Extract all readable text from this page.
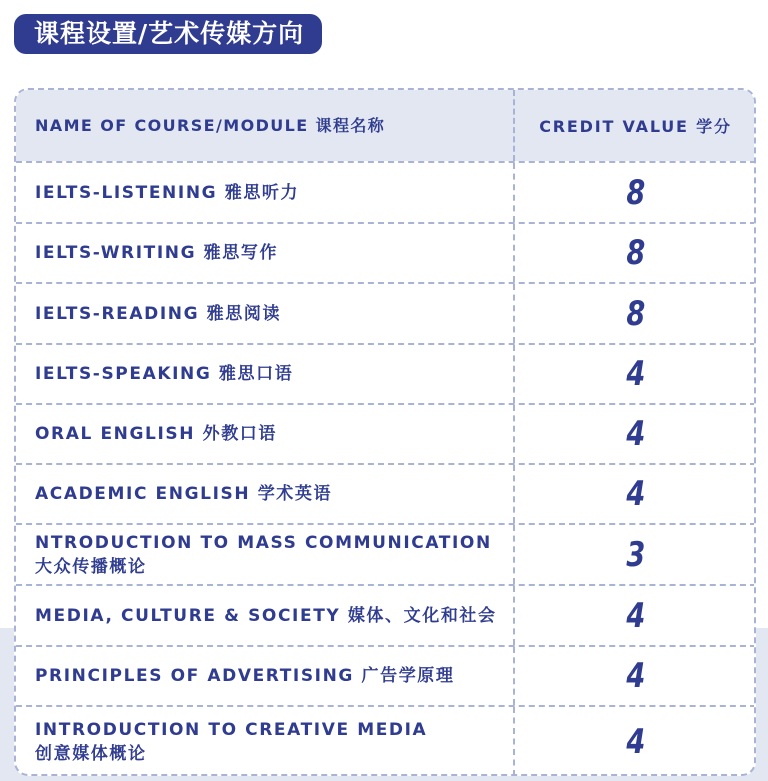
课程设置/艺术传媒方向
NAME OF COURSE/MODULE 课程名称	CREDIT VALUE 学分
IELTS-LISTENING 雅思听力	8
IELTS-WRITING 雅思写作	8
IELTS-READING 雅思阅读	8
IELTS-SPEAKING 雅思口语	4
ORAL ENGLISH 外教口语	4
ACADEMIC ENGLISH 学术英语	4
NTRODUCTION TO MASS COMMUNICATION
大众传播概论	3
MEDIA, CULTURE & SOCIETY 媒体、文化和社会	4
PRINCIPLES OF ADVERTISING 广告学原理	4
INTRODUCTION TO CREATIVE MEDIA
创意媒体概论	4
